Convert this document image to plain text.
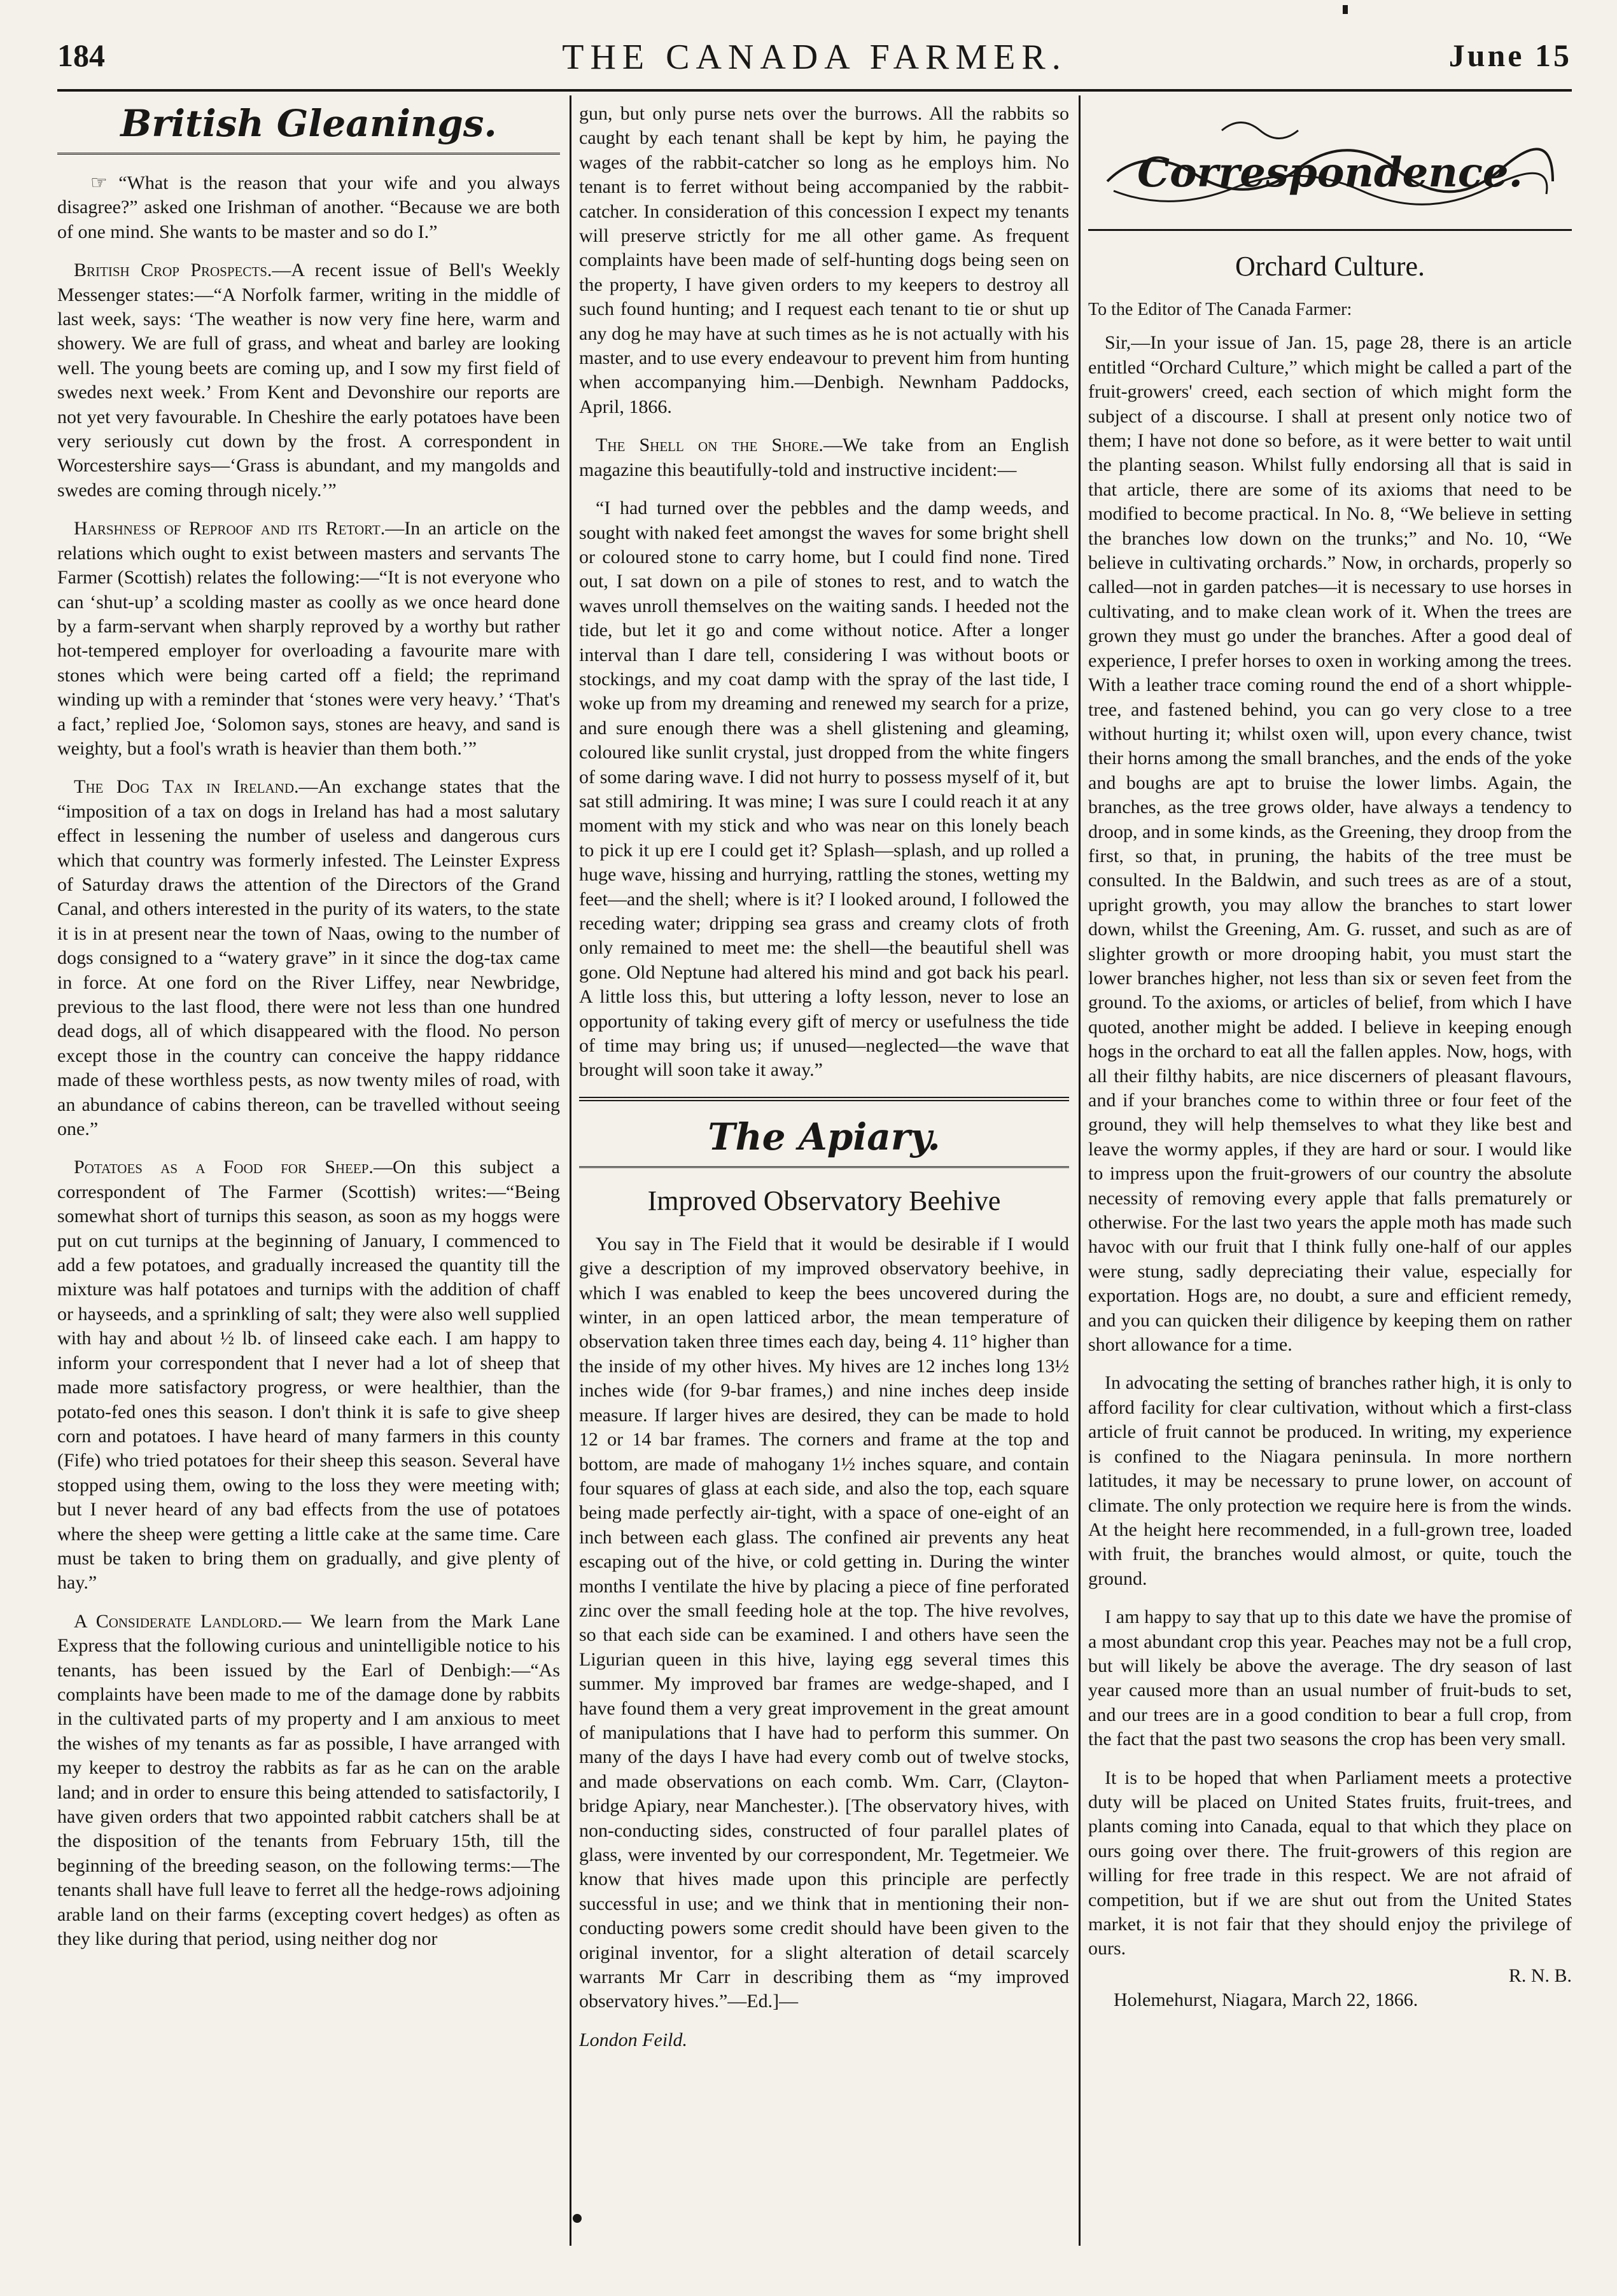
184	THE CANADA FARMER.	June 15
British Gleanings.

☞ “What is the reason that your wife and you always disagree?” asked one Irishman of another. “Because we are both of one mind. She wants to be master and so do I.”

British Crop Prospects.—A recent issue of Bell's Weekly Messenger states:—“A Norfolk farmer, writing in the middle of last week, says: ‘The weather is now very fine here, warm and showery. We are full of grass, and wheat and barley are looking well. The young beets are coming up, and I sow my first field of swedes next week.’ From Kent and Devonshire our reports are not yet very favourable. In Cheshire the early potatoes have been very seriously cut down by the frost. A correspondent in Worcestershire says—‘Grass is abundant, and my mangolds and swedes are coming through nicely.’”

Harshness of Reproof and its Retort.—In an article on the relations which ought to exist between masters and servants The Farmer (Scottish) relates the following:—“It is not everyone who can ‘shut-up’ a scolding master as coolly as we once heard done by a farm-servant when sharply reproved by a worthy but rather hot-tempered employer for overloading a favourite mare with stones which were being carted off a field; the reprimand winding up with a reminder that ‘stones were very heavy.’ ‘That's a fact,’ replied Joe, ‘Solomon says, stones are heavy, and sand is weighty, but a fool's wrath is heavier than them both.’”

The Dog Tax in Ireland.—An exchange states that the “imposition of a tax on dogs in Ireland has had a most salutary effect in lessening the number of useless and dangerous curs which that country was formerly infested. The Leinster Express of Saturday draws the attention of the Directors of the Grand Canal, and others interested in the purity of its waters, to the state it is in at present near the town of Naas, owing to the number of dogs consigned to a “watery grave” in it since the dog-tax came in force. At one ford on the River Liffey, near Newbridge, previous to the last flood, there were not less than one hundred dead dogs, all of which disappeared with the flood. No person except those in the country can conceive the happy riddance made of these worthless pests, as now twenty miles of road, with an abundance of cabins thereon, can be travelled without seeing one.”

Potatoes as a Food for Sheep.—On this subject a correspondent of The Farmer (Scottish) writes:—“Being somewhat short of turnips this season, as soon as my hoggs were put on cut turnips at the beginning of January, I commenced to add a few potatoes, and gradually increased the quantity till the mixture was half potatoes and turnips with the addition of chaff or hayseeds, and a sprinkling of salt; they were also well supplied with hay and about ½ lb. of linseed cake each. I am happy to inform your correspondent that I never had a lot of sheep that made more satisfactory progress, or were healthier, than the potato-fed ones this season. I don't think it is safe to give sheep corn and potatoes. I have heard of many farmers in this county (Fife) who tried potatoes for their sheep this season. Several have stopped using them, owing to the loss they were meeting with; but I never heard of any bad effects from the use of potatoes where the sheep were getting a little cake at the same time. Care must be taken to bring them on gradually, and give plenty of hay.”

A Considerate Landlord.— We learn from the Mark Lane Express that the following curious and unintelligible notice to his tenants, has been issued by the Earl of Denbigh:—“As complaints have been made to me of the damage done by rabbits in the cultivated parts of my property and I am anxious to meet the wishes of my tenants as far as possible, I have arranged with my keeper to destroy the rabbits as far as he can on the arable land; and in order to ensure this being attended to satisfactorily, I have given orders that two appointed rabbit catchers shall be at the disposition of the tenants from February 15th, till the beginning of the breeding season, on the following terms:—The tenants shall have full leave to ferret all the hedge-rows adjoining arable land on their farms (excepting covert hedges) as often as they like during that period, using neither dog nor

gun, but only purse nets over the burrows. All the rabbits so caught by each tenant shall be kept by him, he paying the wages of the rabbit-catcher so long as he employs him. No tenant is to ferret without being accompanied by the rabbit-catcher. In consideration of this concession I expect my tenants will preserve strictly for me all other game. As frequent complaints have been made of self-hunting dogs being seen on the property, I have given orders to my keepers to destroy all such found hunting; and I request each tenant to tie or shut up any dog he may have at such times as he is not actually with his master, and to use every endeavour to prevent him from hunting when accompanying him.—Denbigh. Newnham Paddocks, April, 1866.

The Shell on the Shore.—We take from an English magazine this beautifully-told and instructive incident:—

“I had turned over the pebbles and the damp weeds, and sought with naked feet amongst the waves for some bright shell or coloured stone to carry home, but I could find none. Tired out, I sat down on a pile of stones to rest, and to watch the waves unroll themselves on the waiting sands. I heeded not the tide, but let it go and come without notice. After a longer interval than I dare tell, considering I was without boots or stockings, and my coat damp with the spray of the last tide, I woke up from my dreaming and renewed my search for a prize, and sure enough there was a shell glistening and gleaming, coloured like sunlit crystal, just dropped from the white fingers of some daring wave. I did not hurry to possess myself of it, but sat still admiring. It was mine; I was sure I could reach it at any moment with my stick and who was near on this lonely beach to pick it up ere I could get it? Splash—splash, and up rolled a huge wave, hissing and hurrying, rattling the stones, wetting my feet—and the shell; where is it? I looked around, I followed the receding water; dripping sea grass and creamy clots of froth only remained to meet me: the shell—the beautiful shell was gone. Old Neptune had altered his mind and got back his pearl. A little loss this, but uttering a lofty lesson, never to lose an opportunity of taking every gift of mercy or usefulness the tide of time may bring us; if unused—neglected—the wave that brought will soon take it away.”

The Apiary.
Improved Observatory Beehive

You say in The Field that it would be desirable if I would give a description of my improved observatory beehive, in which I was enabled to keep the bees uncovered during the winter, in an open latticed arbor, the mean temperature of observation taken three times each day, being 4. 11° higher than the inside of my other hives. My hives are 12 inches long 13½ inches wide (for 9-bar frames,) and nine inches deep inside measure. If larger hives are desired, they can be made to hold 12 or 14 bar frames. The corners and frame at the top and bottom, are made of mahogany 1½ inches square, and contain four squares of glass at each side, and also the top, each square being made perfectly air-tight, with a space of one-eight of an inch between each glass. The confined air prevents any heat escaping out of the hive, or cold getting in. During the winter months I ventilate the hive by placing a piece of fine perforated zinc over the small feeding hole at the top. The hive revolves, so that each side can be examined. I and others have seen the Ligurian queen in this hive, laying egg several times this summer. My improved bar frames are wedge-shaped, and I have found them a very great improvement in the great amount of manipulations that I have had to perform this summer. On many of the days I have had every comb out of twelve stocks, and made observations on each comb. Wm. Carr, (Clayton-bridge Apiary, near Manchester.). [The observatory hives, with non-conducting sides, constructed of four parallel plates of glass, were invented by our correspondent, Mr. Tegetmeier. We know that hives made upon this principle are perfectly successful in use; and we think that in mentioning their non-conducting powers some credit should have been given to the original inventor, for a slight alteration of detail scarcely warrants Mr Carr in describing them as “my improved observatory hives.”—Ed.]—

London Feild.

Correspondence.
Orchard Culture.

To the Editor of The Canada Farmer:

Sir,—In your issue of Jan. 15, page 28, there is an article entitled “Orchard Culture,” which might be called a part of the fruit-growers' creed, each section of which might form the subject of a discourse. I shall at present only notice two of them; I have not done so before, as it were better to wait until the planting season. Whilst fully endorsing all that is said in that article, there are some of its axioms that need to be modified to become practical. In No. 8, “We believe in setting the branches low down on the trunks;” and No. 10, “We believe in cultivating orchards.” Now, in orchards, properly so called—not in garden patches—it is necessary to use horses in cultivating, and to make clean work of it. When the trees are grown they must go under the branches. After a good deal of experience, I prefer horses to oxen in working among the trees. With a leather trace coming round the end of a short whipple-tree, and fastened behind, you can go very close to a tree without hurting it; whilst oxen will, upon every chance, twist their horns among the small branches, and the ends of the yoke and boughs are apt to bruise the lower limbs. Again, the branches, as the tree grows older, have always a tendency to droop, and in some kinds, as the Greening, they droop from the first, so that, in pruning, the habits of the tree must be consulted. In the Baldwin, and such trees as are of a stout, upright growth, you may allow the branches to start lower down, whilst the Greening, Am. G. russet, and such as are of slighter growth or more drooping habit, you must start the lower branches higher, not less than six or seven feet from the ground. To the axioms, or articles of belief, from which I have quoted, another might be added. I believe in keeping enough hogs in the orchard to eat all the fallen apples. Now, hogs, with all their filthy habits, are nice discerners of pleasant flavours, and if your branches come to within three or four feet of the ground, they will help themselves to what they like best and leave the wormy apples, if they are hard or sour. I would like to impress upon the fruit-growers of our country the absolute necessity of removing every apple that falls prematurely or otherwise. For the last two years the apple moth has made such havoc with our fruit that I think fully one-half of our apples were stung, sadly depreciating their value, especially for exportation. Hogs are, no doubt, a sure and efficient remedy, and you can quicken their diligence by keeping them on rather short allowance for a time.

In advocating the setting of branches rather high, it is only to afford facility for clear cultivation, without which a first-class article of fruit cannot be produced. In writing, my experience is confined to the Niagara peninsula. In more northern latitudes, it may be necessary to prune lower, on account of climate. The only protection we require here is from the winds. At the height here recommended, in a full-grown tree, loaded with fruit, the branches would almost, or quite, touch the ground.

I am happy to say that up to this date we have the promise of a most abundant crop this year. Peaches may not be a full crop, but will likely be above the average. The dry season of last year caused more than an usual number of fruit-buds to set, and our trees are in a good condition to bear a full crop, from the fact that the past two seasons the crop has been very small.

It is to be hoped that when Parliament meets a protective duty will be placed on United States fruits, fruit-trees, and plants coming into Canada, equal to that which they place on ours going over there. The fruit-growers of this region are willing for free trade in this respect. We are not afraid of competition, but if we are shut out from the United States market, it is not fair that they should enjoy the privilege of ours.

R. N. B.

Holemehurst, Niagara, March 22, 1866.
